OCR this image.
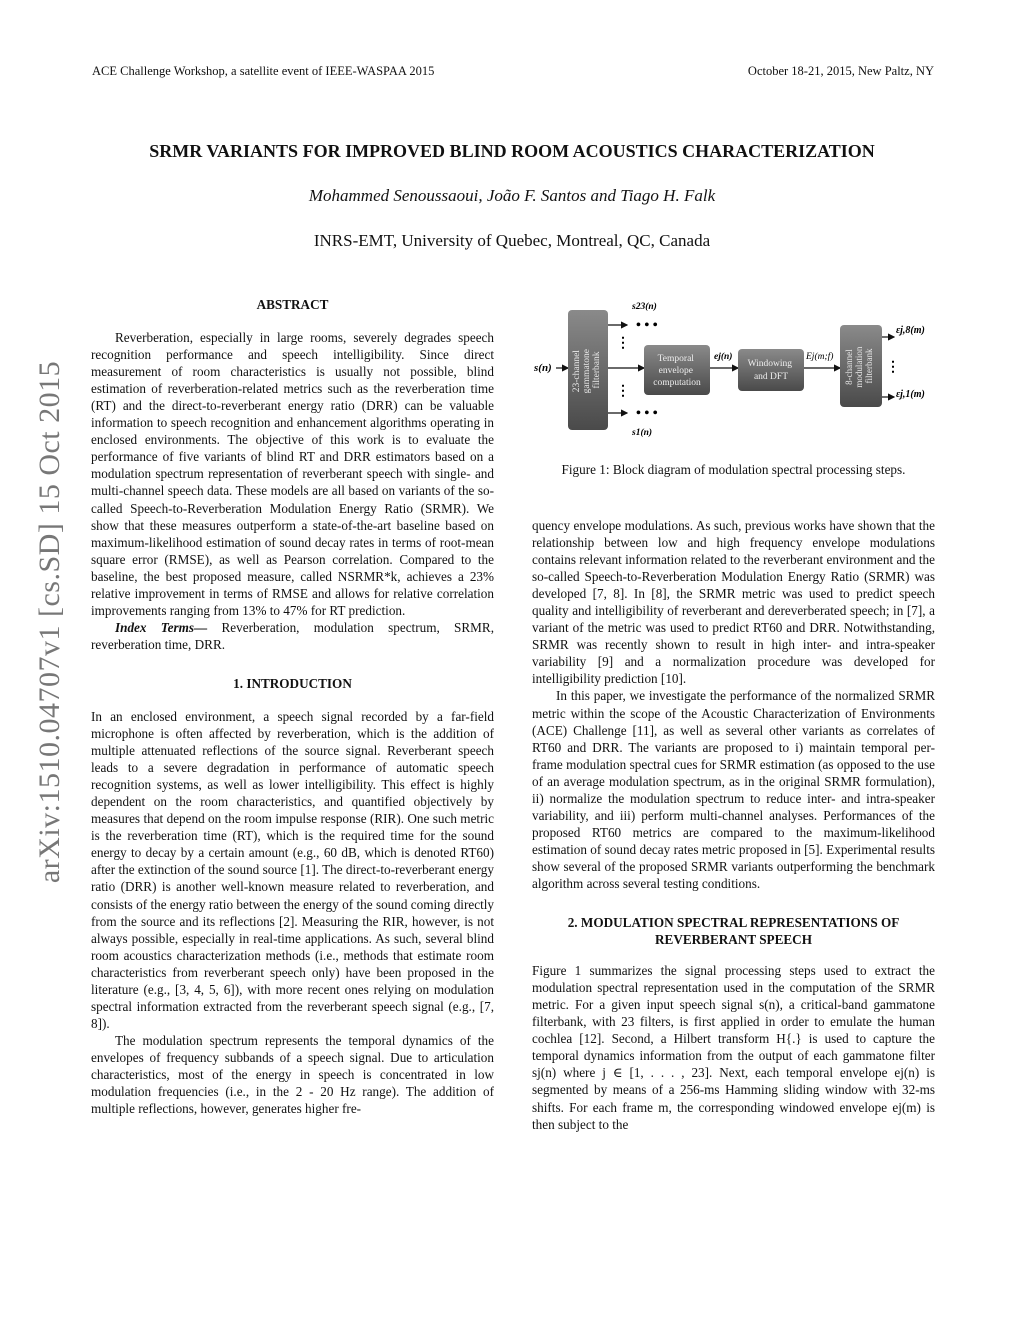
ACE Challenge Workshop, a satellite event of IEEE-WASPAA 2015	October 18-21, 2015, New Paltz, NY
arXiv:1510.04707v1 [cs.SD] 15 Oct 2015
SRMR VARIANTS FOR IMPROVED BLIND ROOM ACOUSTICS CHARACTERIZATION
Mohammed Senoussaoui, João F. Santos and Tiago H. Falk
INRS-EMT, University of Quebec, Montreal, QC, Canada

ABSTRACT

Reverberation, especially in large rooms, severely degrades speech recognition performance and speech intelligibility. Since direct measurement of room characteristics is usually not possible, blind estimation of reverberation-related metrics such as the reverberation time (RT) and the direct-to-reverberant energy ratio (DRR) can be valuable information to speech recognition and enhancement algorithms operating in enclosed environments. The objective of this work is to evaluate the performance of five variants of blind RT and DRR estimators based on a modulation spectrum representation of reverberant speech with single- and multi-channel speech data. These models are all based on variants of the so-called Speech-to-Reverberation Modulation Energy Ratio (SRMR). We show that these measures outperform a state-of-the-art baseline based on maximum-likelihood estimation of sound decay rates in terms of root-mean square error (RMSE), as well as Pearson correlation. Compared to the baseline, the best proposed measure, called NSRMR*k, achieves a 23% relative improvement in terms of RMSE and allows for relative correlation improvements ranging from 13% to 47% for RT prediction.

Index Terms— Reverberation, modulation spectrum, SRMR, reverberation time, DRR.

1. INTRODUCTION

In an enclosed environment, a speech signal recorded by a far-field microphone is often affected by reverberation, which is the addition of multiple attenuated reflections of the source signal. Reverberant speech leads to a severe degradation in performance of automatic speech recognition systems, as well as lower intelligibility. This effect is highly dependent on the room characteristics, and quantified objectively by measures that depend on the room impulse response (RIR). One such metric is the reverberation time (RT), which is the required time for the sound energy to decay by a certain amount (e.g., 60 dB, which is denoted RT60) after the extinction of the sound source [1]. The direct-to-reverberant energy ratio (DRR) is another well-known measure related to reverberation, and consists of the energy ratio between the energy of the sound coming directly from the source and its reflections [2]. Measuring the RIR, however, is not always possible, especially in real-time applications. As such, several blind room acoustics characterization methods (i.e., methods that estimate room characteristics from reverberant speech only) have been proposed in the literature (e.g., [3, 4, 5, 6]), with more recent ones relying on modulation spectral information extracted from the reverberant speech signal (e.g., [7, 8]).

The modulation spectrum represents the temporal dynamics of the envelopes of frequency subbands of a speech signal. Due to articulation characteristics, most of the energy in speech is concentrated in low modulation frequencies (i.e., in the 2 - 20 Hz range). The addition of multiple reflections, however, generates higher fre-

s(n) 23-channel gammatone filterbank
s23(n)
• • •
s1(n)
• • •
⋮
⋮
Temporal envelope computation
ej(n)
Windowing and DFT
Ej(m;f) 8-channel modulation filterbank
εj,8(m)
εj,1(m)
⋮
Figure 1: Block diagram of modulation spectral processing steps.

quency envelope modulations. As such, previous works have shown that the relationship between low and high frequency envelope modulations contains relevant information related to the reverberant environment and the so-called Speech-to-Reverberation Modulation Energy Ratio (SRMR) was developed [7, 8]. In [8], the SRMR metric was used to predict speech quality and intelligibility of reverberant and dereverberated speech; in [7], a variant of the metric was used to predict RT60 and DRR. Notwithstanding, SRMR was recently shown to result in high inter- and intra-speaker variability [9] and a normalization procedure was developed for intelligibility prediction [10].

In this paper, we investigate the performance of the normalized SRMR metric within the scope of the Acoustic Characterization of Environments (ACE) Challenge [11], as well as several other variants as correlates of RT60 and DRR. The variants are proposed to i) maintain temporal per-frame modulation spectral cues for SRMR estimation (as opposed to the use of an average modulation spectrum, as in the original SRMR formulation), ii) normalize the modulation spectrum to reduce inter- and intra-speaker variability, and iii) perform multi-channel analyses. Performances of the proposed RT60 metrics are compared to the maximum-likelihood estimation of sound decay rates metric proposed in [5]. Experimental results show several of the proposed SRMR variants outperforming the benchmark algorithm across several testing conditions.

2. MODULATION SPECTRAL REPRESENTATIONS OF

REVERBERANT SPEECH

Figure 1 summarizes the signal processing steps used to extract the modulation spectral representation used in the computation of the SRMR metric. For a given input speech signal s(n), a critical-band gammatone filterbank, with 23 filters, is first applied in order to emulate the human cochlea [12]. Second, a Hilbert transform H{.} is used to capture the temporal dynamics information from the output of each gammatone filter sj(n) where j ∈ [1, . . . , 23]. Next, each temporal envelope ej(n) is segmented by means of a 256-ms Hamming sliding window with 32-ms shifts. For each frame m, the corresponding windowed envelope ej(m) is then subject to the
